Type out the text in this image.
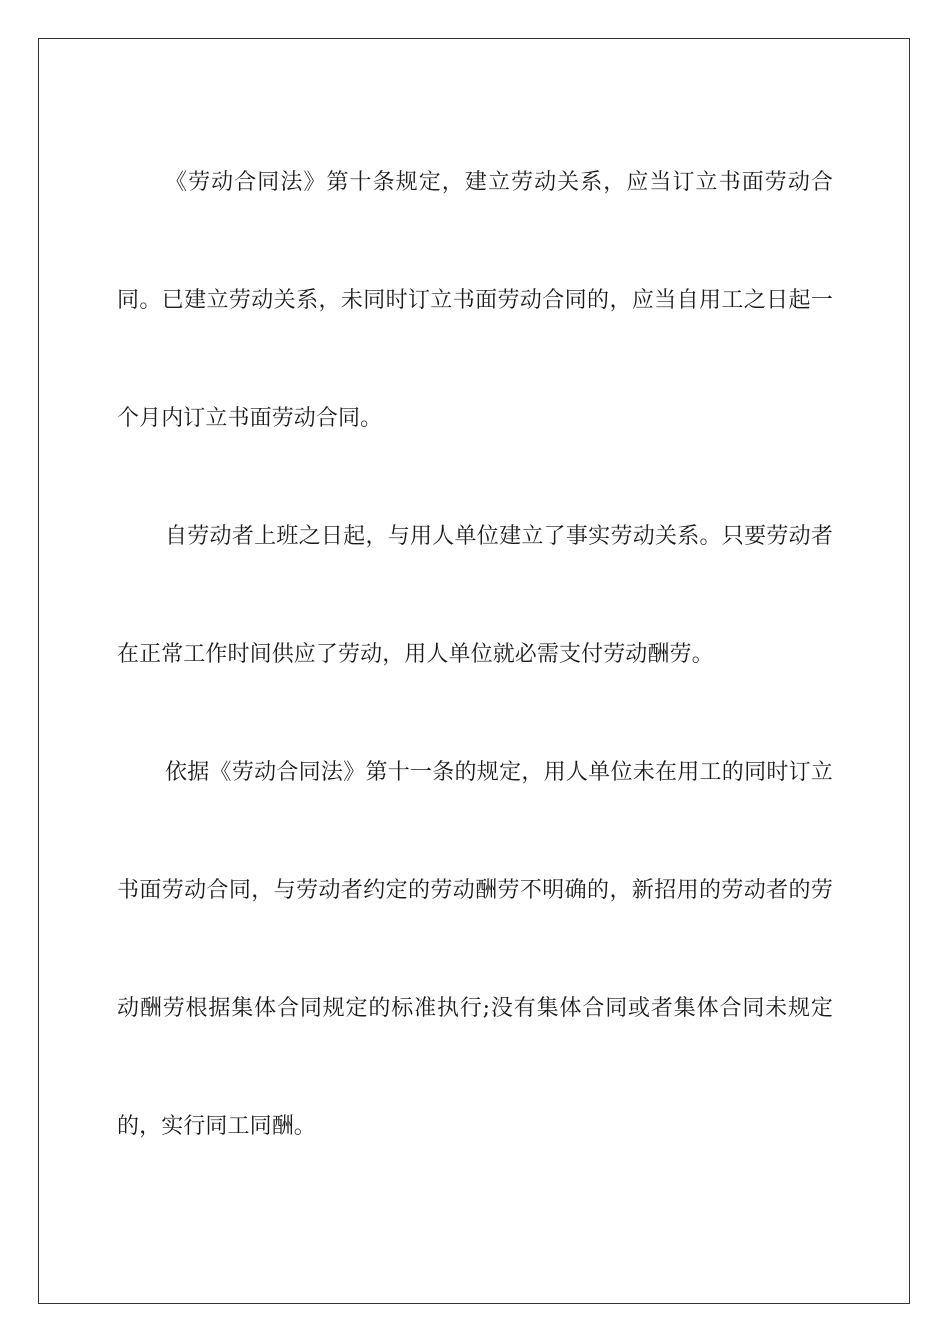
《劳动合同法》第十条规定，建立劳动关系，应当订立书面劳动合同。已建立劳动关系，未同时订立书面劳动合同的，应当自用工之日起一个月内订立书面劳动合同。

自劳动者上班之日起，与用人单位建立了事实劳动关系。只要劳动者在正常工作时间供应了劳动，用人单位就必需支付劳动酬劳。

依据《劳动合同法》第十一条的规定，用人单位未在用工的同时订立书面劳动合同，与劳动者约定的劳动酬劳不明确的，新招用的劳动者的劳动酬劳根据集体合同规定的标准执行;没有集体合同或者集体合同未规定的，实行同工同酬。
